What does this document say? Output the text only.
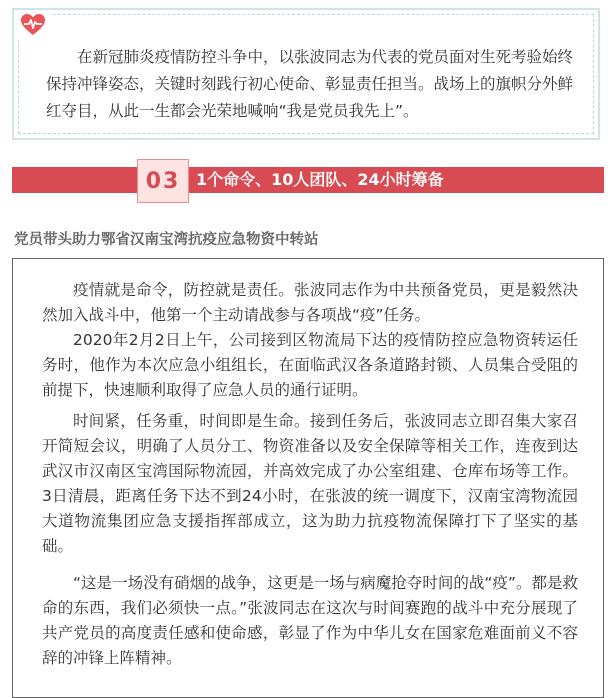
在新冠肺炎疫情防控斗争中，以张波同志为代表的党员面对生死考验始终保持冲锋姿态，关键时刻践行初心使命、彰显责任担当。战场上的旗帜分外鲜红夺目，从此一生都会光荣地喊响“我是党员我先上”。

03 1个命令、10人团队、24小时筹备

党员带头助力鄂省汉南宝湾抗疫应急物资中转站

疫情就是命令，防控就是责任。张波同志作为中共预备党员，更是毅然决然加入战斗中，他第一个主动请战参与各项战“疫”任务。

2020年2月2日上午，公司接到区物流局下达的疫情防控应急物资转运任务时，他作为本次应急小组组长，在面临武汉各条道路封锁、人员集合受阻的前提下，快速顺利取得了应急人员的通行证明。

时间紧，任务重，时间即是生命。接到任务后，张波同志立即召集大家召开简短会议，明确了人员分工、物资准备以及安全保障等相关工作，连夜到达武汉市汉南区宝湾国际物流园，并高效完成了办公室组建、仓库布场等工作。3日清晨，距离任务下达不到24小时，在张波的统一调度下，汉南宝湾物流园大道物流集团应急支援指挥部成立，这为助力抗疫物流保障打下了坚实的基础。

“这是一场没有硝烟的战争，这更是一场与病魔抢夺时间的战“疫”。都是救命的东西，我们必须快一点。”张波同志在这次与时间赛跑的战斗中充分展现了共产党员的高度责任感和使命感，彰显了作为中华儿女在国家危难面前义不容辞的冲锋上阵精神。
